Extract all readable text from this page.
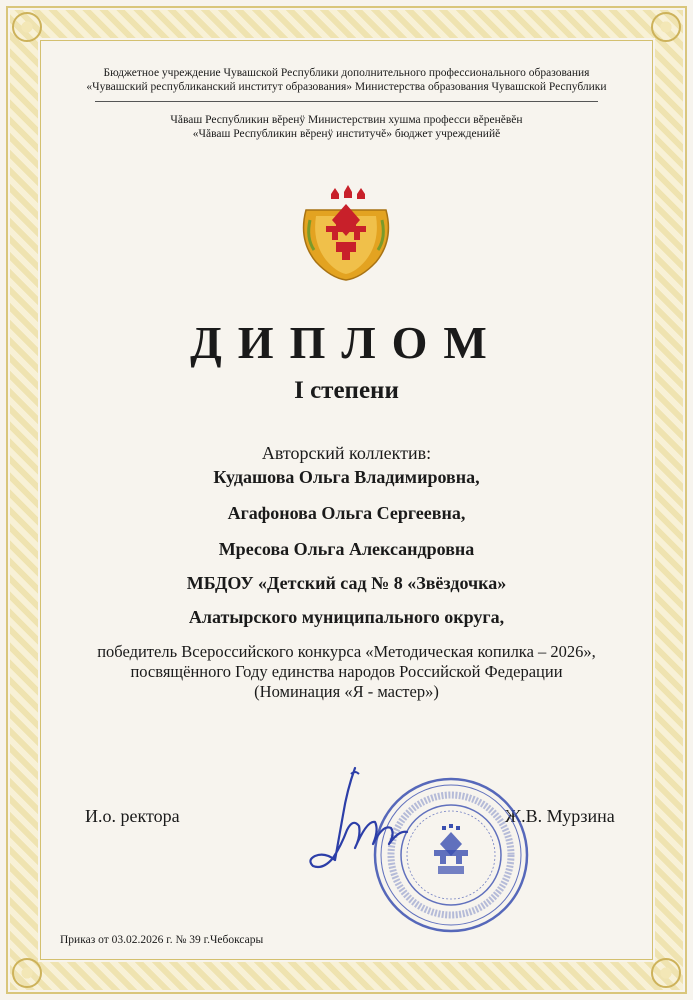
Бюджетное учреждение Чувашской Республики дополнительного профессионального образования
«Чувашский республиканский институт образования» Министерства образования Чувашской Республики
Чăваш Республикин вĕренÿ Министерствин хушма професси вĕренĕвĕн
«Чăваш Республикин вĕренÿ институчĕ» бюджет учрежденийĕ
ДИПЛОМ
I степени
Авторский коллектив:
Кудашова Ольга Владимировна,
Агафонова Ольга Сергеевна,
Мресова Ольга Александровна
МБДОУ «Детский сад № 8 «Звёздочка»
Алатырского муниципального округа,
победитель Всероссийского конкурса «Методическая копилка – 2026»,
посвящённого Году единства народов Российской Федерации
(Номинация «Я - мастер»)
И.о. ректора	Ж.В. Мурзина
Приказ от 03.02.2026 г. № 39 г.Чебоксары
